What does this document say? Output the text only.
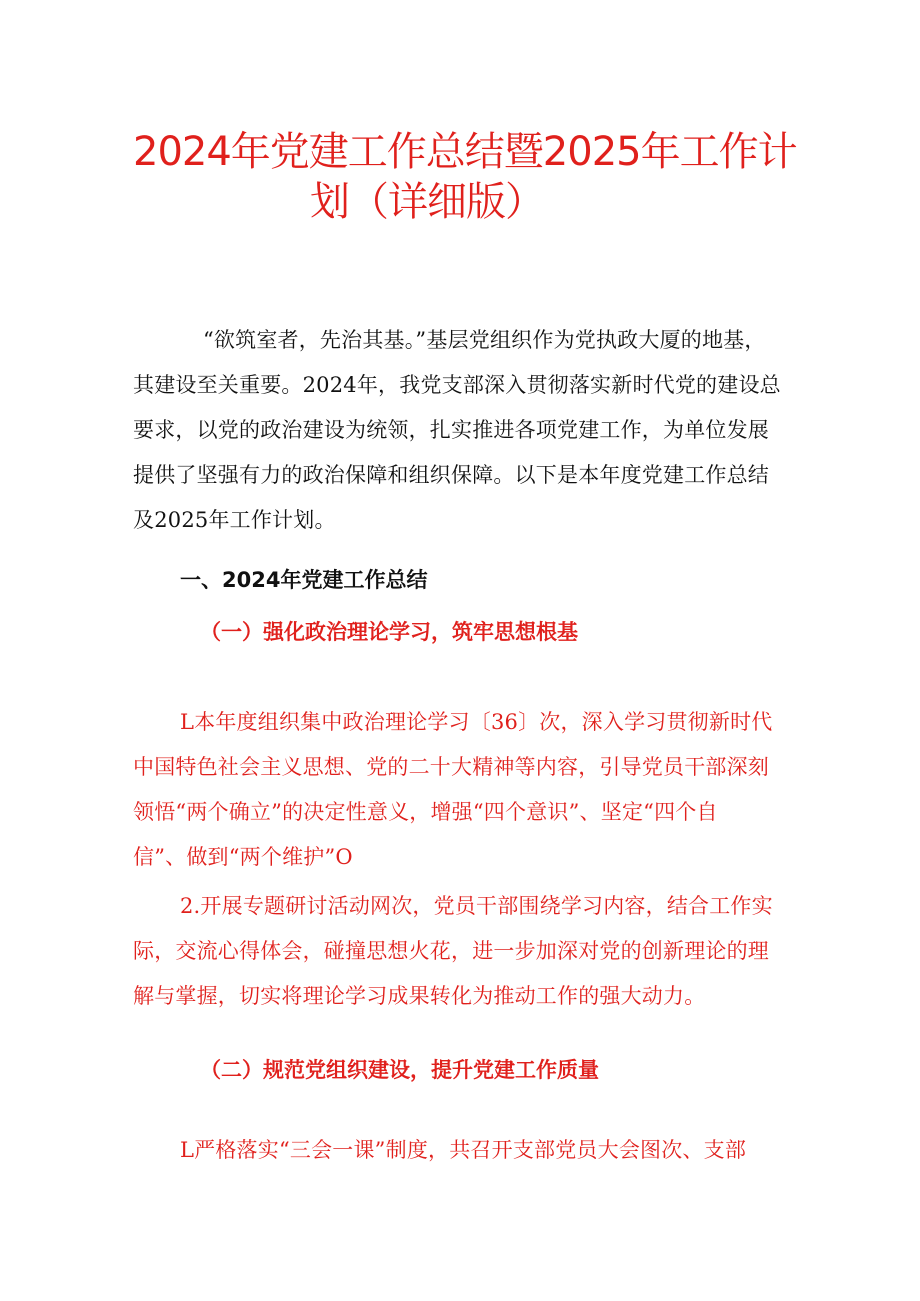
2024年党建工作总结暨2025年工作计
划（详细版）
“欲筑室者，先治其基。”基层党组织作为党执政大厦的地基，
其建设至关重要。2024年，我党支部深入贯彻落实新时代党的建设总
要求，以党的政治建设为统领，扎实推进各项党建工作，为单位发展
提供了坚强有力的政治保障和组织保障。以下是本年度党建工作总结
及2025年工作计划。
一、2024年党建工作总结
（一）强化政治理论学习，筑牢思想根基
L本年度组织集中政治理论学习〔36〕次，深入学习贯彻新时代
中国特色社会主义思想、党的二十大精神等内容，引导党员干部深刻
领悟“两个确立”的决定性意义，增强“四个意识”、坚定“四个自
信”、做到“两个维护”O
2.开展专题研讨活动网次，党员干部围绕学习内容，结合工作实
际，交流心得体会，碰撞思想火花，进一步加深对党的创新理论的理
解与掌握，切实将理论学习成果转化为推动工作的强大动力。
（二）规范党组织建设，提升党建工作质量
L严格落实“三会一课”制度，共召开支部党员大会图次、支部
